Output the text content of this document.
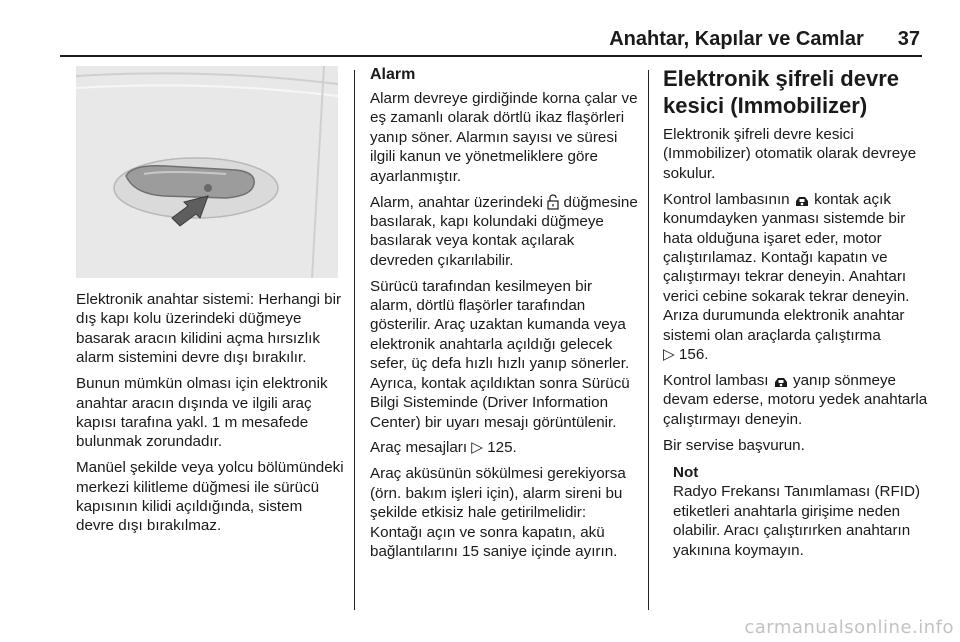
Anahtar, Kapılar ve Camlar 37

Elektronik anahtar sistemi: Herhangi bir dış kapı kolu üzerindeki düğmeye basarak aracın kilidini açma hırsızlık alarm sistemini devre dışı bırakılır.

Bunun mümkün olması için elektronik anahtar aracın dışında ve ilgili araç kapısı tarafına yakl. 1 m mesafede bulunmak zorundadır.

Manüel şekilde veya yolcu bölümündeki merkezi kilitleme düğmesi ile sürücü kapısının kilidi açıldığında, sistem devre dışı bırakılmaz.

Alarm

Alarm devreye girdiğinde korna çalar ve eş zamanlı olarak dörtlü ikaz flaşörleri yanıp söner. Alarmın sayısı ve süresi ilgili kanun ve yönetmeliklere göre ayarlanmıştır.

Alarm, anahtar üzerindeki  düğmesine basılarak, kapı kolundaki düğmeye basılarak veya kontak açılarak devreden çıkarılabilir.

Sürücü tarafından kesilmeyen bir alarm, dörtlü flaşörler tarafından gösterilir. Araç uzaktan kumanda veya elektronik anahtarla açıldığı gelecek sefer, üç defa hızlı hızlı yanıp sönerler. Ayrıca, kontak açıldıktan sonra Sürücü Bilgi Sisteminde (Driver Information Center) bir uyarı mesajı görüntülenir.

Araç mesajları ▷ 125.

Araç aküsünün sökülmesi gerekiyorsa (örn. bakım işleri için), alarm sireni bu şekilde etkisiz hale getirilmelidir: Kontağı açın ve sonra kapatın, akü bağlantılarını 15 saniye içinde ayırın.

Elektronik şifreli devre kesici (Immobilizer)

Elektronik şifreli devre kesici (Immobilizer) otomatik olarak devreye sokulur.

Kontrol lambasının  kontak açık konumdayken yanması sistemde bir hata olduğuna işaret eder, motor çalıştırılamaz. Kontağı kapatın ve çalıştırmayı tekrar deneyin. Anahtarı verici cebine sokarak tekrar deneyin. Arıza durumunda elektronik anahtar sistemi olan araçlarda çalıştırma
▷ 156.

Kontrol lambası  yanıp sönmeye devam ederse, motoru yedek anahtarla çalıştırmayı deneyin.

Bir servise başvurun.

Not
Radyo Frekansı Tanımlaması (RFID) etiketleri anahtarla girişime neden olabilir. Aracı çalıştırırken anahtarın yakınına koymayın.
carmanualsonline.info
